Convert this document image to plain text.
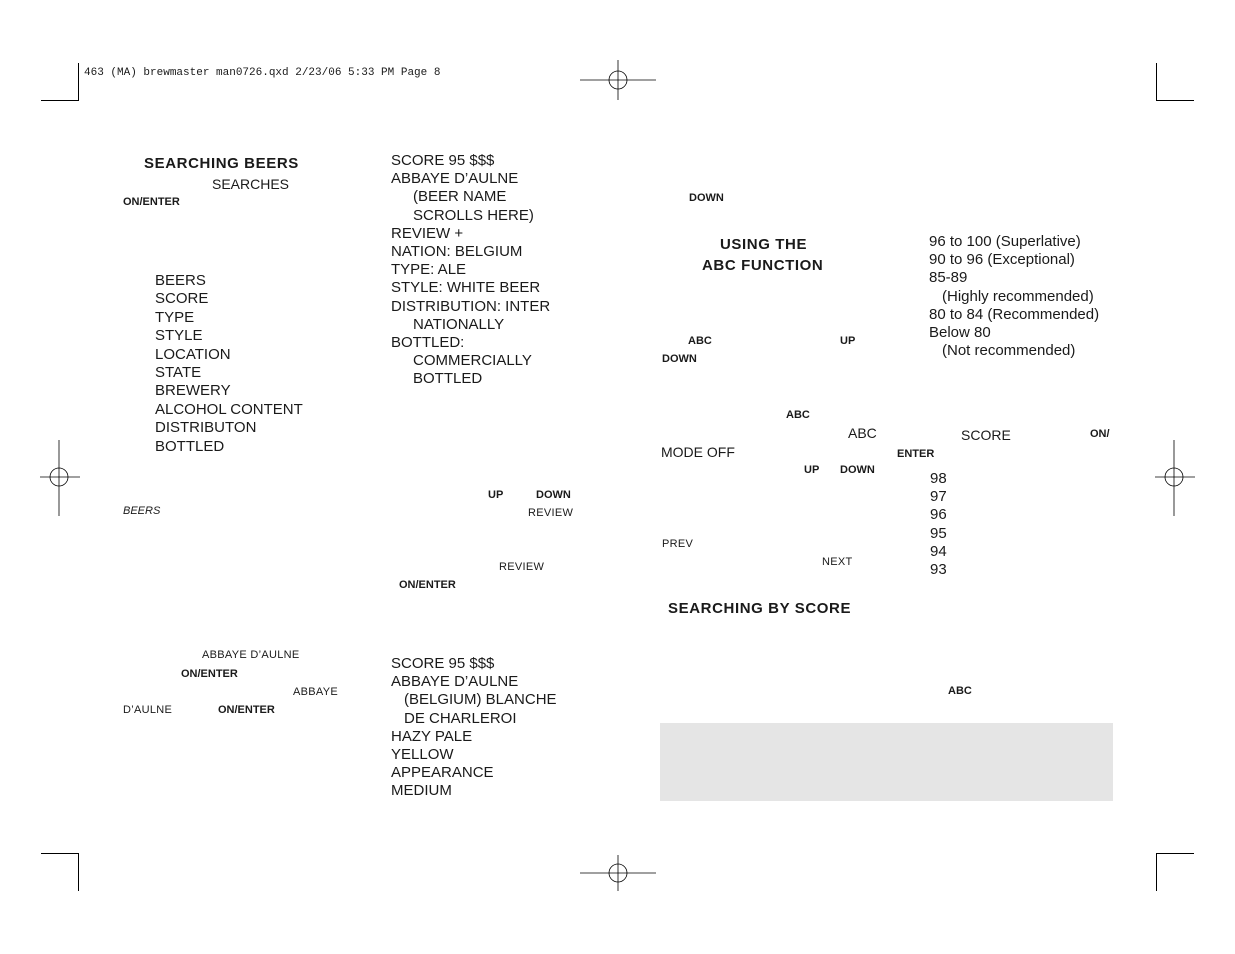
463 (MA) brewmaster man0726.qxd 2/23/06 5:33 PM Page 8
SEARCHING BEERS
SEARCHES
ON/ENTER
BEERS
SCORE
TYPE
STYLE
LOCATION
STATE
BREWERY
ALCOHOL CONTENT
DISTRIBUTON
BOTTLED
BEERS
ABBAYE D’AULNE
ON/ENTER
ABBAYE
D’AULNE	ON/ENTER
SCORE 95 $$$
ABBAYE D’AULNE
(BEER NAME
SCROLLS HERE)
REVIEW +
NATION: BELGIUM
TYPE: ALE
STYLE: WHITE BEER
DISTRIBUTION: INTER
NATIONALLY
BOTTLED:
COMMERCIALLY
BOTTLED
UP	DOWN
REVIEW
REVIEW
ON/ENTER
SCORE 95 $$$
ABBAYE D’AULNE
(BELGIUM) BLANCHE
DE CHARLEROI
HAZY PALE
YELLOW
APPEARANCE
MEDIUM
DOWN
USING THE
ABC FUNCTION
ABC	UP
DOWN
ABC
ABC
MODE OFF
UP DOWN
PREV
NEXT
SEARCHING BY SCORE
ABC
96 to 100 (Superlative)
90 to 96 (Exceptional)
85-89
(Highly recommended)
80 to 84 (Recommended)
Below 80
(Not recommended)
SCORE	ON/
ENTER
98
97
96
95
94
93
